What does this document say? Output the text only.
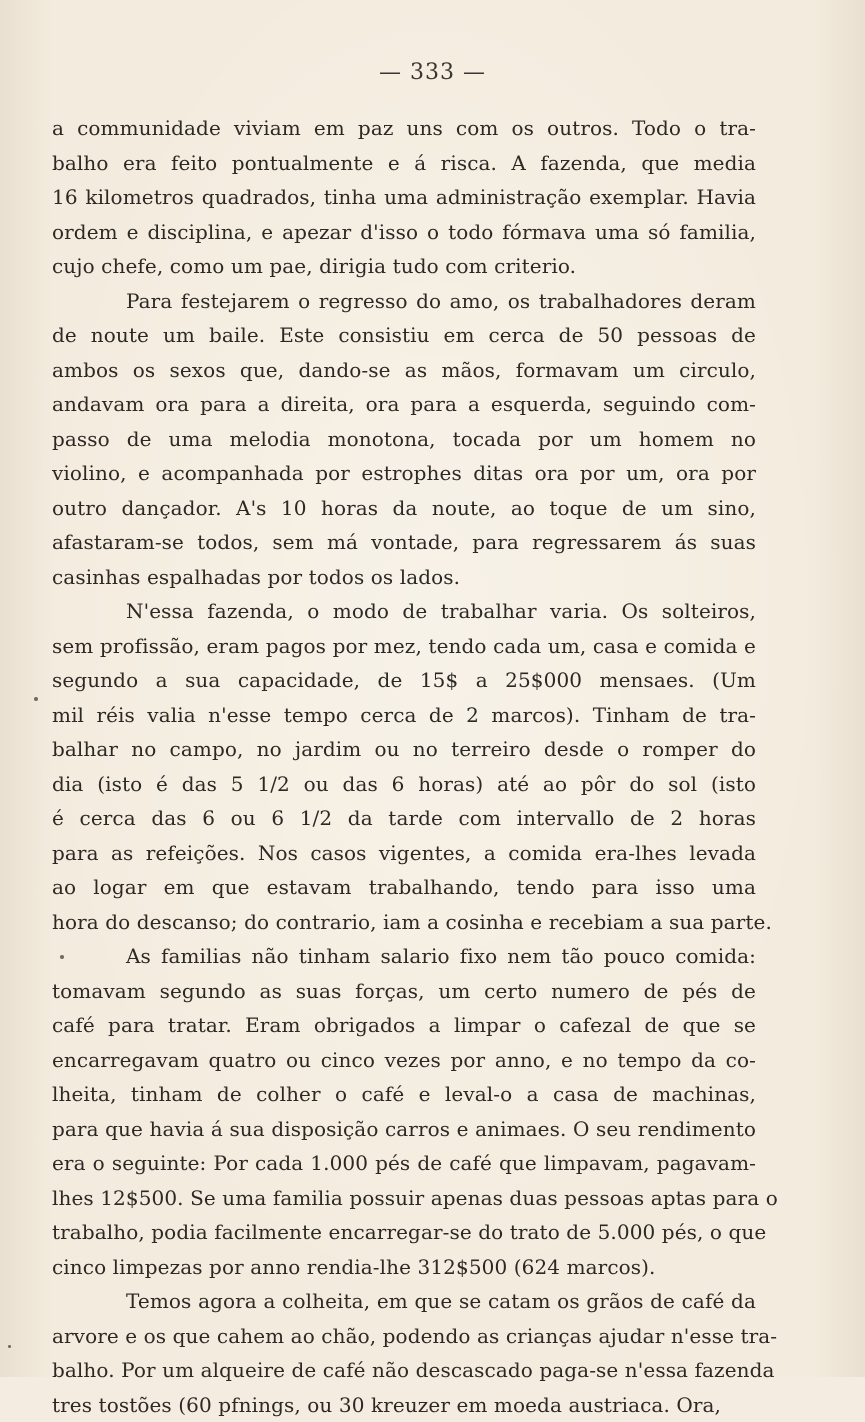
— 333 —
a communidade viviam em paz uns com os outros. Todo o tra-
balho era feito pontualmente e á risca. A fazenda, que media
16 kilometros quadrados, tinha uma administração exemplar. Havia
ordem e disciplina, e apezar d'isso o todo fórmava uma só familia,
cujo chefe, como um pae, dirigia tudo com criterio.
Para festejarem o regresso do amo, os trabalhadores deram
de noute um baile. Este consistiu em cerca de 50 pessoas de
ambos os sexos que, dando-se as mãos, formavam um circulo,
andavam ora para a direita, ora para a esquerda, seguindo com-
passo de uma melodia monotona, tocada por um homem no
violino, e acompanhada por estrophes ditas ora por um, ora por
outro dançador. A's 10 horas da noute, ao toque de um sino,
afastaram-se todos, sem má vontade, para regressarem ás suas
casinhas espalhadas por todos os lados.
N'essa fazenda, o modo de trabalhar varia. Os solteiros,
sem profissão, eram pagos por mez, tendo cada um, casa e comida e
segundo a sua capacidade, de 15$ a 25$000 mensaes. (Um
mil réis valia n'esse tempo cerca de 2 marcos). Tinham de tra-
balhar no campo, no jardim ou no terreiro desde o romper do
dia (isto é das 5 1/2 ou das 6 horas) até ao pôr do sol (isto
é cerca das 6 ou 6 1/2 da tarde com intervallo de 2 horas
para as refeições. Nos casos vigentes, a comida era-lhes levada
ao logar em que estavam trabalhando, tendo para isso uma
hora do descanso; do contrario, iam a cosinha e recebiam a sua parte.
As familias não tinham salario fixo nem tão pouco comida:
tomavam segundo as suas forças, um certo numero de pés de
café para tratar. Eram obrigados a limpar o cafezal de que se
encarregavam quatro ou cinco vezes por anno, e no tempo da co-
lheita, tinham de colher o café e leval-o a casa de machinas,
para que havia á sua disposição carros e animaes. O seu rendimento
era o seguinte: Por cada 1.000 pés de café que limpavam, pagavam-
lhes 12$500. Se uma familia possuir apenas duas pessoas aptas para o
trabalho, podia facilmente encarregar-se do trato de 5.000 pés, o que
cinco limpezas por anno rendia-lhe 312$500 (624 marcos).
Temos agora a colheita, em que se catam os grãos de café da
arvore e os que cahem ao chão, podendo as crianças ajudar n'esse tra-
balho. Por um alqueire de café não descascado paga-se n'essa fazenda
tres tostões (60 pfnings, ou 30 kreuzer em moeda austriaca. Ora,
